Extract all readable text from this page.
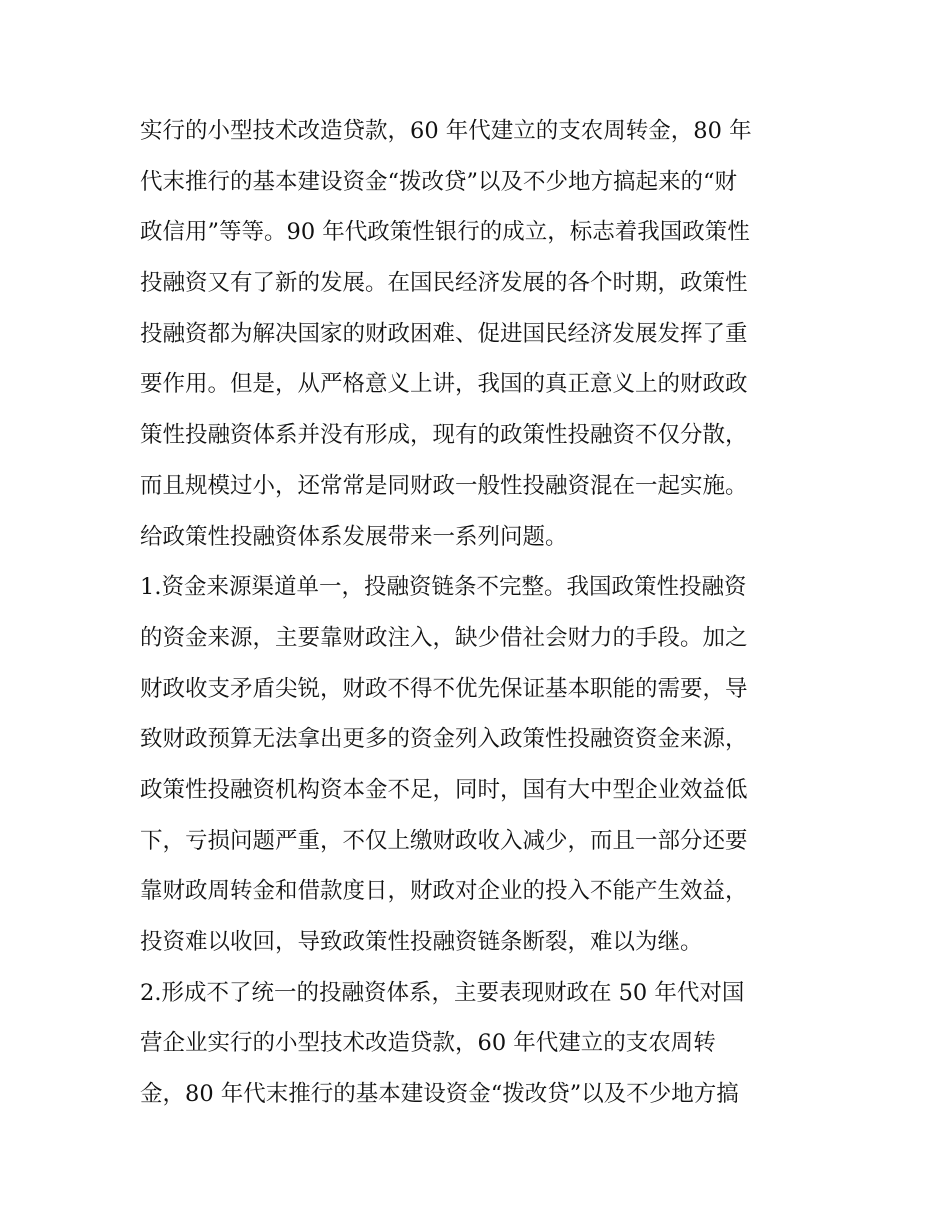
实行的小型技术改造贷款，60 年代建立的支农周转金，80 年
代末推行的基本建设资金“拨改贷”以及不少地方搞起来的“财
政信用”等等。90 年代政策性银行的成立，标志着我国政策性
投融资又有了新的发展。在国民经济发展的各个时期，政策性
投融资都为解决国家的财政困难、促进国民经济发展发挥了重
要作用。但是，从严格意义上讲，我国的真正意义上的财政政
策性投融资体系并没有形成，现有的政策性投融资不仅分散，
而且规模过小，还常常是同财政一般性投融资混在一起实施。
给政策性投融资体系发展带来一系列问题。
1.资金来源渠道单一，投融资链条不完整。我国政策性投融资
的资金来源，主要靠财政注入，缺少借社会财力的手段。加之
财政收支矛盾尖锐，财政不得不优先保证基本职能的需要，导
致财政预算无法拿出更多的资金列入政策性投融资资金来源，
政策性投融资机构资本金不足，同时，国有大中型企业效益低
下，亏损问题严重，不仅上缴财政收入减少，而且一部分还要
靠财政周转金和借款度日，财政对企业的投入不能产生效益，
投资难以收回，导致政策性投融资链条断裂，难以为继。
2.形成不了统一的投融资体系，主要表现财政在 50 年代对国
营企业实行的小型技术改造贷款，60 年代建立的支农周转
金，80 年代末推行的基本建设资金“拨改贷”以及不少地方搞
